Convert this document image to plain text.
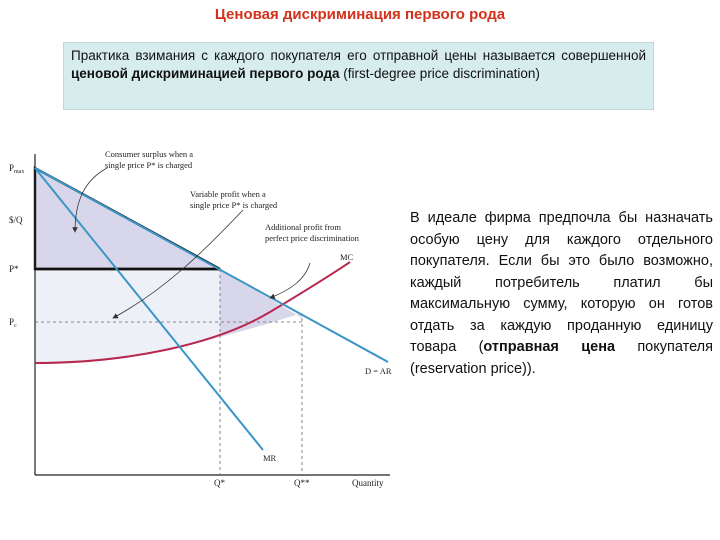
Ценовая дискриминация первого рода
Практика взимания с каждого покупателя его отправной цены называется совершенной ценовой дискриминацией первого рода (first-degree price discrimination)
Consumer surplus when a
single price P* is charged
Variable profit when a
single price P* is charged
Additional profit from
perfect price discrimination
$P_{max}$
$/Q
P*
$P_c$
Q*	Q**	Quantity
MC
D = AR
MR
В идеале фирма предпочла бы назначать особую цену для каждого отдельного покупателя. Если бы это было возможно, каждый потребитель платил бы максимальную сумму, которую он готов отдать за каждую проданную единицу товара (отправная цена покупателя (reservation price)).
